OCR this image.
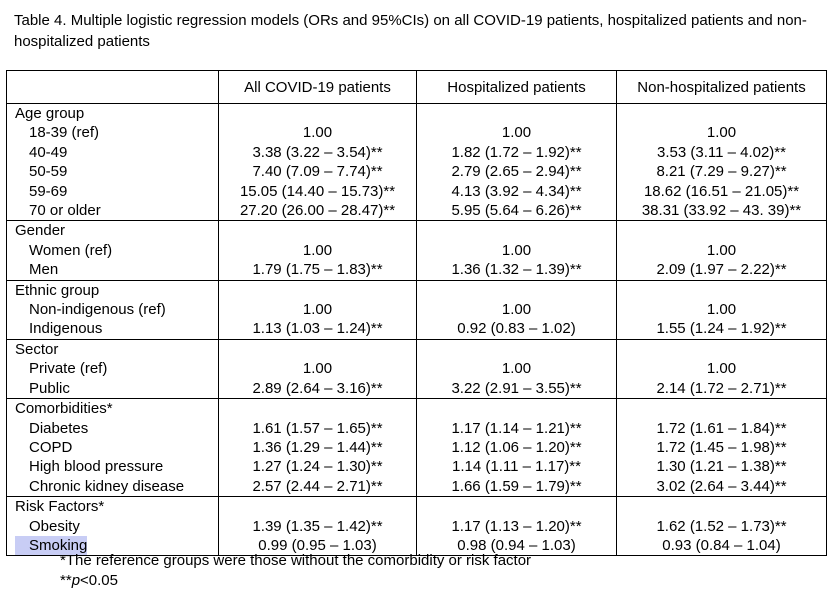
Table 4. Multiple logistic regression models (ORs and 95%CIs) on all COVID-19 patients, hospitalized patients and non-hospitalized patients
	All COVID-19 patients	Hospitalized patients	Non-hospitalized patients
Age group			
18-39 (ref)	1.00	1.00	1.00
40-49	3.38 (3.22 – 3.54)**	1.82 (1.72 – 1.92)**	3.53 (3.11 – 4.02)**
50-59	7.40 (7.09 – 7.74)**	2.79 (2.65 – 2.94)**	8.21 (7.29 – 9.27)**
59-69	15.05 (14.40 – 15.73)**	4.13 (3.92 – 4.34)**	18.62 (16.51 – 21.05)**
70 or older	27.20 (26.00 – 28.47)**	5.95 (5.64 – 6.26)**	38.31 (33.92 – 43. 39)**
Gender			
Women (ref)	1.00	1.00	1.00
Men	1.79 (1.75 – 1.83)**	1.36 (1.32 – 1.39)**	2.09 (1.97 – 2.22)**
Ethnic group			
Non-indigenous (ref)	1.00	1.00	1.00
Indigenous	1.13 (1.03 – 1.24)**	0.92 (0.83 – 1.02)	1.55 (1.24 – 1.92)**
Sector			
Private (ref)	1.00	1.00	1.00
Public	2.89 (2.64 – 3.16)**	3.22 (2.91 – 3.55)**	2.14 (1.72 – 2.71)**
Comorbidities*			
Diabetes	1.61 (1.57 – 1.65)**	1.17 (1.14 – 1.21)**	1.72 (1.61 – 1.84)**
COPD	1.36 (1.29 – 1.44)**	1.12 (1.06 – 1.20)**	1.72 (1.45 – 1.98)**
High blood pressure	1.27 (1.24 – 1.30)**	1.14 (1.11 – 1.17)**	1.30 (1.21 – 1.38)**
Chronic kidney disease	2.57 (2.44 – 2.71)**	1.66 (1.59 – 1.79)**	3.02 (2.64 – 3.44)**
Risk Factors*			
Obesity	1.39 (1.35 – 1.42)**	1.17 (1.13 – 1.20)**	1.62 (1.52 – 1.73)**
Smoking	0.99 (0.95 – 1.03)	0.98 (0.94 – 1.03)	0.93 (0.84 – 1.04)
*The reference groups were those without the comorbidity or risk factor
**p<0.05
